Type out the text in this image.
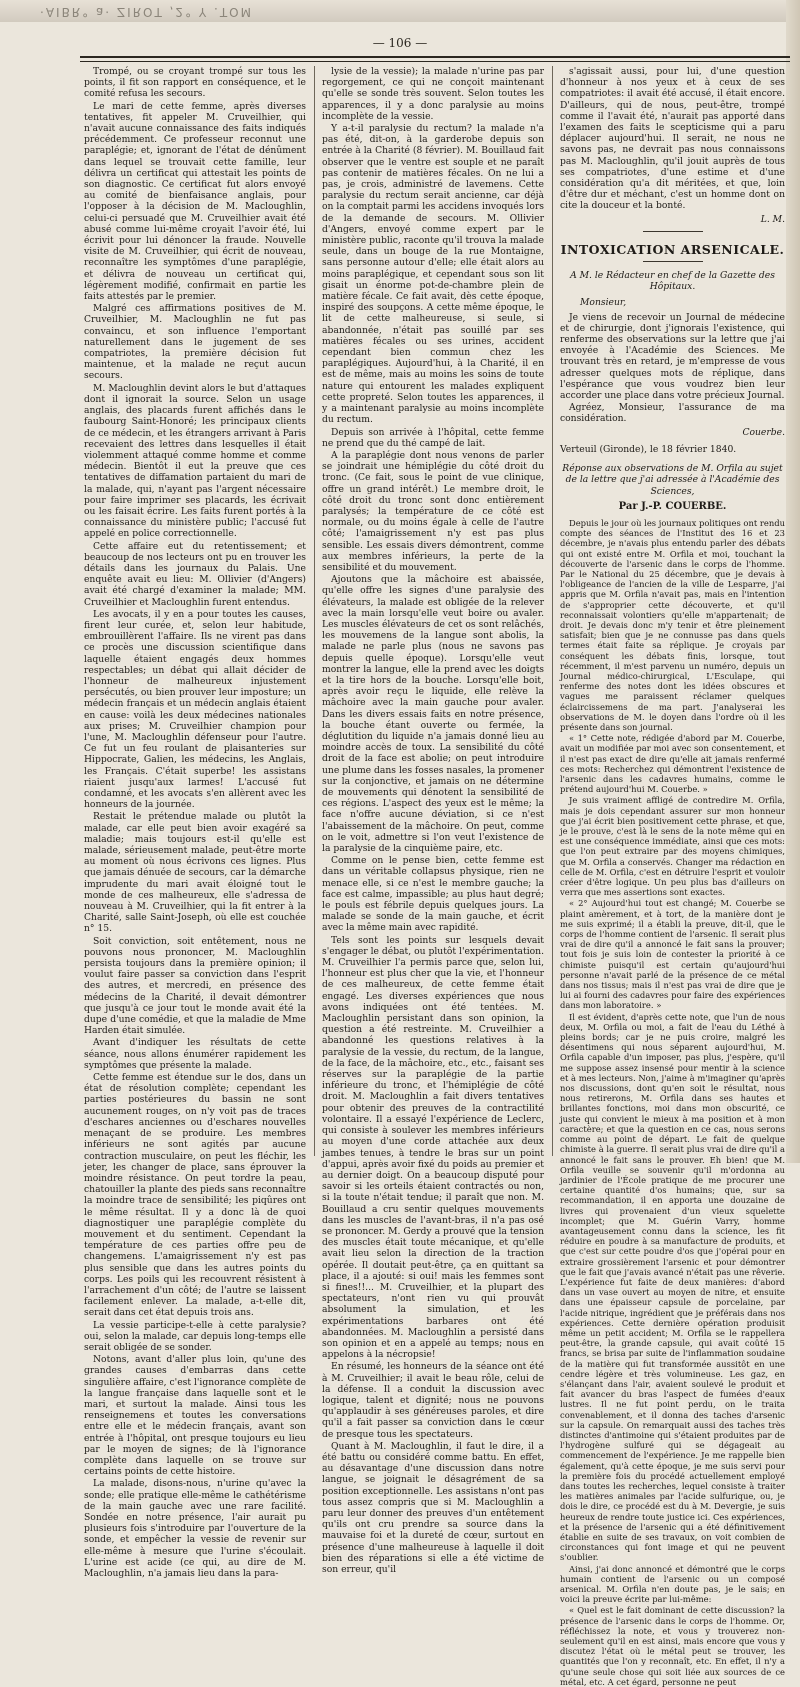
·AIBR° a· ZIROT ,2° Y .TOM
— 106 —

Trompé, ou se croyant trompé sur tous les points, il fit son rapport en conséquence, et le comité refusa les secours.

Le mari de cette femme, après diverses tentatives, fit appeler M. Cruveilhier, qui n'avait aucune connaissance des faits indiqués précédemment. Ce professeur reconnut une paraplégie; et, ignorant de l'état de dénûment dans lequel se trouvait cette famille, leur délivra un certificat qui attestait les points de son diagnostic. Ce certificat fut alors envoyé au comité de bienfaisance anglais, pour l'opposer à la décision de M. Macloughlin, celui-ci persuadé que M. Cruveilhier avait été abusé comme lui-même croyait l'avoir été, lui écrivit pour lui dénoncer la fraude. Nouvelle visite de M. Cruveilhier, qui écrit de nouveau, reconnaître les symptômes d'une paraplégie, et délivra de nouveau un certificat qui, légèrement modifié, confirmait en partie les faits attestés par le premier.

Malgré ces affirmations positives de M. Cruveilhier, M. Macloughlin ne fut pas convaincu, et son influence l'emportant naturellement dans le jugement de ses compatriotes, la première décision fut maintenue, et la malade ne reçut aucun secours.

M. Macloughlin devint alors le but d'attaques dont il ignorait la source. Selon un usage anglais, des placards furent affichés dans le faubourg Saint-Honoré; les principaux clients de ce médecin, et les étrangers arrivant à Paris recevaient des lettres dans lesquelles il était violemment attaqué comme homme et comme médecin. Bientôt il eut la preuve que ces tentatives de diffamation partaient du mari de la malade, qui, n'ayant pas l'argent nécessaire pour faire imprimer ses placards, les écrivait ou les faisait écrire. Les faits furent portés à la connaissance du ministère public; l'accusé fut appelé en police correctionnelle.

Cette affaire eut du retentissement; et beaucoup de nos lecteurs ont pu en trouver les détails dans les journaux du Palais. Une enquête avait eu lieu: M. Ollivier (d'Angers) avait été chargé d'examiner la malade; MM. Cruveilhier et Macloughlin furent entendus.

Les avocats, il y en a pour toutes les causes, firent leur curée, et, selon leur habitude, embrouillèrent l'affaire. Ils ne virent pas dans ce procès une discussion scientifique dans laquelle étaient engagés deux hommes respectables; un débat qui allait décider de l'honneur de malheureux injustement persécutés, ou bien prouver leur imposture; un médecin français et un médecin anglais étaient en cause: voilà les deux médecines nationales aux prises; M. Cruveilhier champion pour l'une, M. Macloughlin défenseur pour l'autre. Ce fut un feu roulant de plaisanteries sur Hippocrate, Galien, les médecins, les Anglais, les Français. C'était superbe! les assistans riaient jusqu'aux larmes! L'accusé fut condamné, et les avocats s'en allèrent avec les honneurs de la journée.

Restait le prétendue malade ou plutôt la malade, car elle peut bien avoir exagéré sa maladie; mais toujours est-il qu'elle est malade, sérieusement malade, peut-être morte au moment où nous écrivons ces lignes. Plus que jamais dénuée de secours, car la démarche imprudente du mari avait éloigné tout le monde de ces malheureux, elle s'adressa de nouveau à M. Cruveilhier, qui la fit entrer à la Charité, salle Saint-Joseph, où elle est couchée n° 15.

Soit conviction, soit entêtement, nous ne pouvons nous prononcer, M. Macloughlin persista toujours dans la première opinion; il voulut faire passer sa conviction dans l'esprit des autres, et mercredi, en présence des médecins de la Charité, il devait démontrer que jusqu'à ce jour tout le monde avait été la dupe d'une comédie, et que la maladie de Mme Harden était simulée.

Avant d'indiquer les résultats de cette séance, nous allons énumérer rapidement les symptômes que présente la malade.

Cette femme est étendue sur le dos, dans un état de résolution complète; cependant les parties postérieures du bassin ne sont aucunement rouges, on n'y voit pas de traces d'eschares anciennes ou d'eschares nouvelles menaçant de se produire. Les membres inférieurs ne sont agités par aucune contraction musculaire, on peut les fléchir, les jeter, les changer de place, sans éprouver la moindre résistance. On peut tordre la peau, chatouiller la plante des pieds sans reconnaître la moindre trace de sensibilité; les piqûres ont le même résultat. Il y a donc là de quoi diagnostiquer une paraplégie complète du mouvement et du sentiment. Cependant la température de ces parties offre peu de changemens. L'amaigrissement n'y est pas plus sensible que dans les autres points du corps. Les poils qui les recouvrent résistent à l'arrachement d'un côté; de l'autre se laissent facilement enlever. La malade, a-t-elle dit, serait dans cet état depuis trois ans.

La vessie participe-t-elle à cette paralysie? oui, selon la malade, car depuis long-temps elle serait obligée de se sonder.

Notons, avant d'aller plus loin, qu'une des grandes causes d'embarras dans cette singulière affaire, c'est l'ignorance complète de la langue française dans laquelle sont et le mari, et surtout la malade. Ainsi tous les renseignemens et toutes les conversations entre elle et le médecin français, avant son entrée à l'hôpital, ont presque toujours eu lieu par le moyen de signes; de là l'ignorance complète dans laquelle on se trouve sur certains points de cette histoire.

La malade, disons-nous, n'urine qu'avec la sonde; elle pratique elle-même le cathétérisme de la main gauche avec une rare facilité. Sondée en notre présence, l'air aurait pu plusieurs fois s'introduire par l'ouverture de la sonde, et empêcher la vessie de revenir sur elle-même à mesure que l'urine s'écoulait. L'urine est acide (ce qui, au dire de M. Macloughlin, n'a jamais lieu dans la para-

lysie de la vessie); la malade n'urine pas par regorgement, ce qui ne conçoit maintenant qu'elle se sonde très souvent. Selon toutes les apparences, il y a donc paralysie au moins incomplète de la vessie.

Y a-t-il paralysie du rectum? la malade n'a pas été, dit-on, à la garderobe depuis son entrée à la Charité (8 février). M. Bouillaud fait observer que le ventre est souple et ne paraît pas contenir de matières fécales. On ne lui a pas, je crois, administré de lavemens. Cette paralysie du rectum serait ancienne, car déjà on la comptait parmi les accidens invoqués lors de la demande de secours. M. Ollivier d'Angers, envoyé comme expert par le ministère public, raconte qu'il trouva la malade seule, dans un bouge de la rue Montaigne, sans personne autour d'elle; elle était alors au moins paraplégique, et cependant sous son lit gisait un énorme pot-de-chambre plein de matière fécale. Ce fait avait, dès cette époque, inspiré des soupçons. A cette même époque, le lit de cette malheureuse, si seule, si abandonnée, n'était pas souillé par ses matières fécales ou ses urines, accident cependant bien commun chez les paraplégiques. Aujourd'hui, à la Charité, il en est de même, mais au moins les soins de toute nature qui entourent les malades expliquent cette propreté. Selon toutes les apparences, il y a maintenant paralysie au moins incomplète du rectum.

Depuis son arrivée à l'hôpital, cette femme ne prend que du thé campé de lait.

A la paraplégie dont nous venons de parler se joindrait une hémiplégie du côté droit du tronc. (Ce fait, sous le point de vue clinique, offre un grand intérêt.) Le membre droit, le côté droit du tronc sont donc entièrement paralysés; la température de ce côté est normale, ou du moins égale à celle de l'autre côté; l'amaigrissement n'y est pas plus sensible. Les essais divers démontrent, comme aux membres inférieurs, la perte de la sensibilité et du mouvement.

Ajoutons que la mâchoire est abaissée, qu'elle offre les signes d'une paralysie des élévateurs, la malade est obligée de la relever avec la main lorsqu'elle veut boire ou avaler. Les muscles élévateurs de cet os sont relâchés, les mouvemens de la langue sont abolis, la malade ne parle plus (nous ne savons pas depuis quelle époque). Lorsqu'elle veut montrer la langue, elle la prend avec les doigts et la tire hors de la bouche. Lorsqu'elle boit, après avoir reçu le liquide, elle relève la mâchoire avec la main gauche pour avaler. Dans les divers essais faits en notre présence, la bouche étant ouverte ou fermée, la déglutition du liquide n'a jamais donné lieu au moindre accès de toux. La sensibilité du côté droit de la face est abolie; on peut introduire une plume dans les fosses nasales, la promener sur la conjonctive, et jamais on ne détermine de mouvements qui dénotent la sensibilité de ces régions. L'aspect des yeux est le même; la face n'offre aucune déviation, si ce n'est l'abaissement de la mâchoire. On peut, comme on le voit, admettre si l'on veut l'existence de la paralysie de la cinquième paire, etc.

Comme on le pense bien, cette femme est dans un véritable collapsus physique, rien ne menace elle, si ce n'est le membre gauche; la face est calme, impassible; au plus haut degré; le pouls est fébrile depuis quelques jours. La malade se sonde de la main gauche, et écrit avec la même main avec rapidité.

Tels sont les points sur lesquels devait s'engager le débat, ou plutôt l'expérimentation. M. Cruveilhier l'a permis parce que, selon lui, l'honneur est plus cher que la vie, et l'honneur de ces malheureux, de cette femme était engagé. Les diverses expériences que nous avons indiquées ont été tentées. M. Macloughlin persistant dans son opinion, la question a été restreinte. M. Cruveilhier a abandonné les questions relatives à la paralysie de la vessie, du rectum, de la langue, de la face, de la mâchoire, etc., etc., faisant ses réserves sur la paraplégie de la partie inférieure du tronc, et l'hémiplégie de côté droit. M. Macloughlin a fait divers tentatives pour obtenir des preuves de la contractilité volontaire. Il a essayé l'expérience de Leclerc, qui consiste à soulever les membres inférieurs au moyen d'une corde attachée aux deux jambes tenues, à tendre le bras sur un point d'appui, après avoir fixé du poids au premier et au dernier doigt. On a beaucoup disputé pour savoir si les orteils étaient contractés ou non, si la toute n'était tendue; il paraît que non. M. Bouillaud a cru sentir quelques mouvements dans les muscles de l'avant-bras, il n'a pas osé se prononcer. M. Gerdy a prouvé que la tension des muscles était toute mécanique, et qu'elle avait lieu selon la direction de la traction opérée. Il doutait peut-être, ça en quittant sa place, il a ajouté: si oui! mais les femmes sont si fines!!... M. Cruveilhier, et la plupart des spectateurs, n'ont rien vu qui prouvât absolument la simulation, et les expérimentations barbares ont été abandonnées. M. Macloughlin a persisté dans son opinion et en a appelé au temps; nous en appelons à la nécropsie!

En résumé, les honneurs de la séance ont été à M. Cruveilhier; il avait le beau rôle, celui de la défense. Il a conduit la discussion avec logique, talent et dignité; nous ne pouvons qu'applaudir à ses généreuses paroles, et dire qu'il a fait passer sa conviction dans le cœur de presque tous les spectateurs.

Quant à M. Macloughlin, il faut le dire, il a été battu ou considéré comme battu. En effet, au désavantage d'une discussion dans notre langue, se joignait le désagrément de sa position exceptionnelle. Les assistans n'ont pas tous assez compris que si M. Macloughlin a paru leur donner des preuves d'un entêtement qu'ils ont cru prendre sa source dans la mauvaise foi et la dureté de cœur, surtout en présence d'une malheureuse à laquelle il doit bien des réparations si elle a été victime de son erreur, qu'il

s'agissait aussi, pour lui, d'une question d'honneur à nos yeux et à ceux de ses compatriotes: il avait été accusé, il était encore. D'ailleurs, qui de nous, peut-être, trompé comme il l'avait été, n'aurait pas apporté dans l'examen des faits le scepticisme qui a paru déplacer aujourd'hui. Il serait, ne nous ne savons pas, ne devrait pas nous connaissons pas M. Macloughlin, qu'il jouit auprès de tous ses compatriotes, d'une estime et d'une considération qu'a dit méritées, et que, loin d'être dur et méchant, c'est un homme dont on cite la douceur et la bonté.

L. M.
INTOXICATION ARSENICALE.
A M. le Rédacteur en chef de la Gazette des Hôpitaux.
Monsieur,

Je viens de recevoir un Journal de médecine et de chirurgie, dont j'ignorais l'existence, qui renferme des observations sur la lettre que j'ai envoyée à l'Académie des Sciences. Me trouvant très en retard, je m'empresse de vous adresser quelques mots de réplique, dans l'espérance que vous voudrez bien leur accorder une place dans votre précieux Journal.

Agréez, Monsieur, l'assurance de ma considération.

Couerbe.
Verteuil (Gironde), le 18 février 1840.
Réponse aux observations de M. Orfila au sujet de la lettre que j'ai adressée à l'Académie des Sciences,
Par J.-P. COUERBE.

Depuis le jour où les journaux politiques ont rendu compte des séances de l'Institut des 16 et 23 décembre, je n'avais plus entendu parler des débats qui ont existé entre M. Orfila et moi, touchant la découverte de l'arsenic dans le corps de l'homme. Par le National du 25 décembre, que je devais à l'obligeance de l'ancien de la ville de Lesparre, j'ai appris que M. Orfila n'avait pas, mais en l'intention de s'approprier cette découverte, et qu'il reconnaissait volontiers qu'elle m'appartenait; de droit. Je devais donc m'y tenir et être pleinement satisfait; bien que je ne connusse pas dans quels termes était faite sa réplique. Je croyais par conséquent les débats finis, lorsque, tout récemment, il m'est parvenu un numéro, depuis un Journal médico-chirurgical, L'Esculape, qui renferme des notes dont les idées obscures et vagues me paraissent réclamer quelques éclaircissemens de ma part. J'analyserai les observations de M. le doyen dans l'ordre où il les présente dans son journal.

« 1° Cette note, rédigée d'abord par M. Couerbe, avait un modifiée par moi avec son consentement, et il n'est pas exact de dire qu'elle ait jamais renfermé ces mots: Recherchez qui démontrent l'existence de l'arsenic dans les cadavres humains, comme le prétend aujourd'hui M. Couerbe. »

Je suis vraiment affligé de contredire M. Orfila, mais je dois cependant assurer sur mon honneur que j'ai écrit bien positivement cette phrase, et que, je le prouve, c'est là le sens de la note même qui en est une conséquence immédiate, ainsi que ces mots: que l'on peut extraire par des moyens chimiques, que M. Orfila a conservés. Changer ma rédaction en celle de M. Orfila, c'est en détruire l'esprit et vouloir créer d'être logique. Un peu plus bas d'ailleurs on verra que mes assertions sont exactes.

« 2° Aujourd'hui tout est changé; M. Couerbe se plaint amèrement, et à tort, de la manière dont je me suis exprimé; il a établi la preuve, dit-il, que le corps de l'homme contient de l'arsenic. Il serait plus vrai de dire qu'il a annoncé le fait sans la prouver; tout fois je suis loin de contester la priorité à ce chimiste puisqu'il est certain qu'aujourd'hui personne n'avait parlé de la présence de ce métal dans nos tissus; mais il n'est pas vrai de dire que je lui ai fourni des cadavres pour faire des expériences dans mon laboratoire. »

Il est évident, d'après cette note, que l'un de nous deux, M. Orfila ou moi, a fait de l'eau du Léthé à pleins bords; car je ne puis croire, malgré les désentimens qui nous séparent aujourd'hui, M. Orfila capable d'un imposer, pas plus, j'espère, qu'il me suppose assez insensé pour mentir à la science et à mes lecteurs. Non, j'aime à m'imaginer qu'après nos discussions, dont qu'en soit le résultat, nous nous retirerons, M. Orfila dans ses hautes et brillantes fonctions, moi dans mon obscurité, ce juste qui convient le mieux à ma position et à mon caractère; et que la question en ce cas, nous serons comme au point de départ. Le fait de quelque chimiste à la guerre. Il serait plus vrai de dire qu'il a annoncé le fait sans le prouver. Eh bien! que M. Orfila veuille se souvenir qu'il m'ordonna au jardinier de l'École pratique de me procurer une certaine quantité d'os humains; que, sur sa recommandation, il en apporta une douzaine de livres qui provenaient d'un vieux squelette incomplet; que M. Guérin Varry, homme avantageusement connu dans la science, les fit réduire en poudre à sa manufacture de produits, et que c'est sur cette poudre d'os que j'opérai pour en extraire grossièrement l'arsenic et pour démontrer que le fait que j'avais avancé n'était pas une rêverie. L'expérience fut faite de deux manières: d'abord dans un vase ouvert au moyen de nitre, et ensuite dans une épaisseur capsule de porcelaine, par l'acide nitrique, ingrédient que je préférais dans nos expériences. Cette dernière opération produisit même un petit accident; M. Orfila se le rappellera peut-être, la grande capsule, qui avait coûté 15 francs, se brisa par suite de l'inflammation soudaine de la matière qui fut transformée aussitôt en une cendre légère et très volumineuse. Les gaz, en s'élançant dans l'air, avaient soulevé le produit et fait avancer du bras l'aspect de fumées d'eaux lustres. Il ne fut point perdu, on le traita convenablement, et il donna des taches d'arsenic sur la capsule. On remarquait aussi des taches très distinctes d'antimoine qui s'étaient produites par de l'hydrogène sulfuré qui se dégageait au commencement de l'expérience. Je me rappelle bien également, qu'à cette époque, je me suis servi pour la première fois du procédé actuellement employé dans toutes les recherches, lequel consiste à traiter les matières animales par l'acide sulfurique, ou, je dois le dire, ce procédé est du à M. Devergie, je suis heureux de rendre toute justice ici. Ces expériences, et la présence de l'arsenic qui a été définitivement établie en suite de ses travaux, on voit combien de circonstances qui font image et qui ne peuvent s'oublier.

Ainsi, j'ai donc annoncé et démontré que le corps humain contient de l'arsenic ou un composé arsenical. M. Orfila n'en doute pas, je le sais; en voici la preuve écrite par lui-même:

« Quel est le fait dominant de cette discussion? la présence de l'arsenic dans le corps de l'homme. Or, réfléchissez la note, et vous y trouverez non-seulement qu'il en est ainsi, mais encore que vous y discutez l'état où le métal peut se trouver, les quantités que l'on y reconnaît, etc. En effet, il n'y a qu'une seule chose qui soit liée aux sources de ce métal, etc. A cet égard, personne ne peut
